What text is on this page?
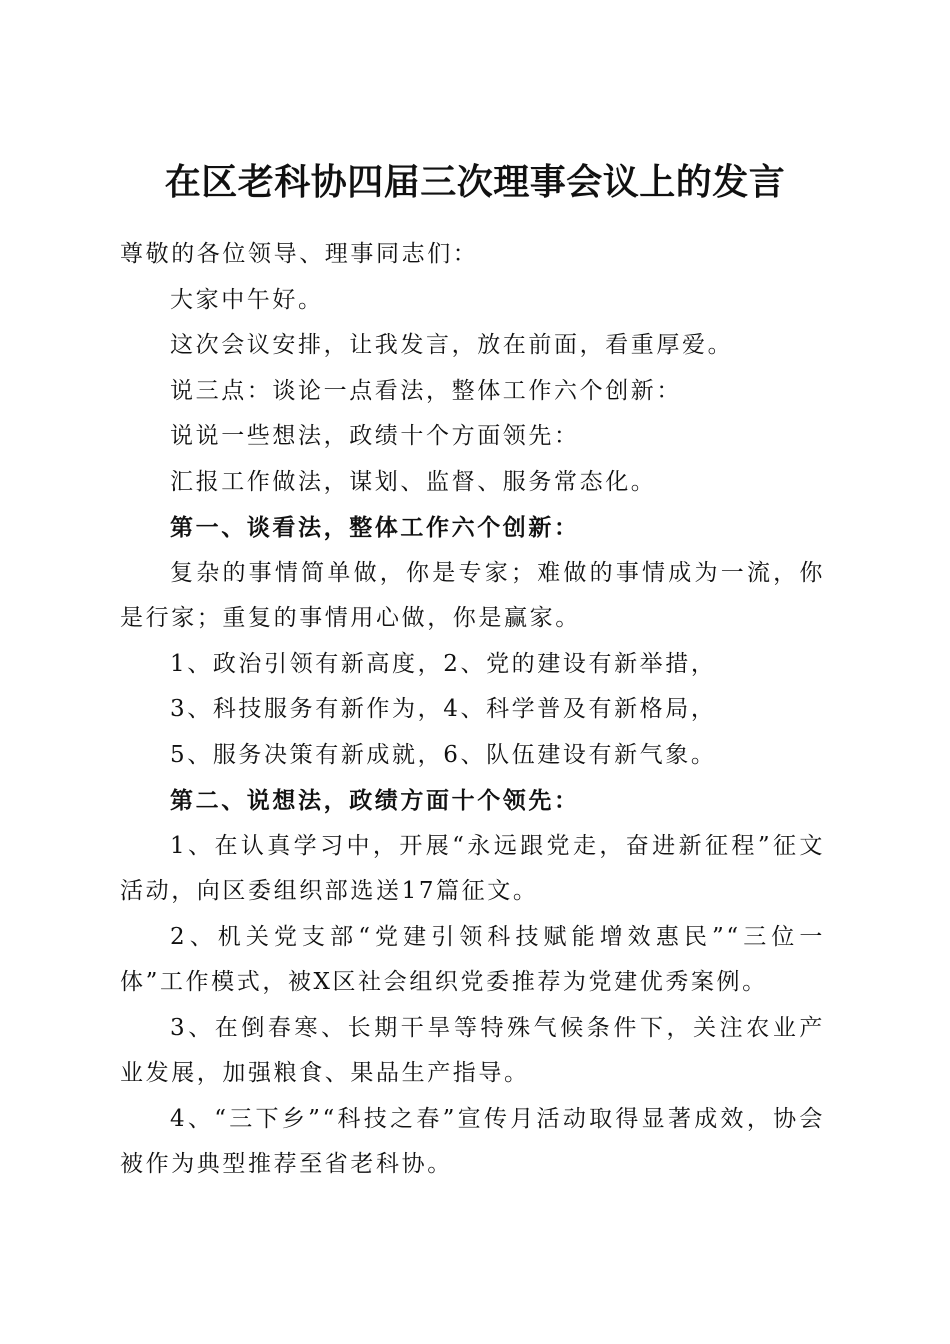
在区老科协四届三次理事会议上的发言

尊敬的各位领导、理事同志们：

大家中午好。

这次会议安排，让我发言，放在前面，看重厚爱。

说三点：谈论一点看法，整体工作六个创新：

说说一些想法，政绩十个方面领先：

汇报工作做法，谋划、监督、服务常态化。

第一、谈看法，整体工作六个创新：

复杂的事情简单做，你是专家；难做的事情成为一流，你是行家；重复的事情用心做，你是赢家。

1、政治引领有新高度，2、党的建设有新举措，

3、科技服务有新作为，4、科学普及有新格局，

5、服务决策有新成就，6、队伍建设有新气象。

第二、说想法，政绩方面十个领先：

1、在认真学习中，开展“永远跟党走，奋进新征程”征文活动，向区委组织部选送17篇征文。

2、机关党支部“党建引领科技赋能增效惠民”“三位一体”工作模式，被X区社会组织党委推荐为党建优秀案例。

3、在倒春寒、长期干旱等特殊气候条件下，关注农业产业发展，加强粮食、果品生产指导。

4、“三下乡”“科技之春”宣传月活动取得显著成效，协会被作为典型推荐至省老科协。
